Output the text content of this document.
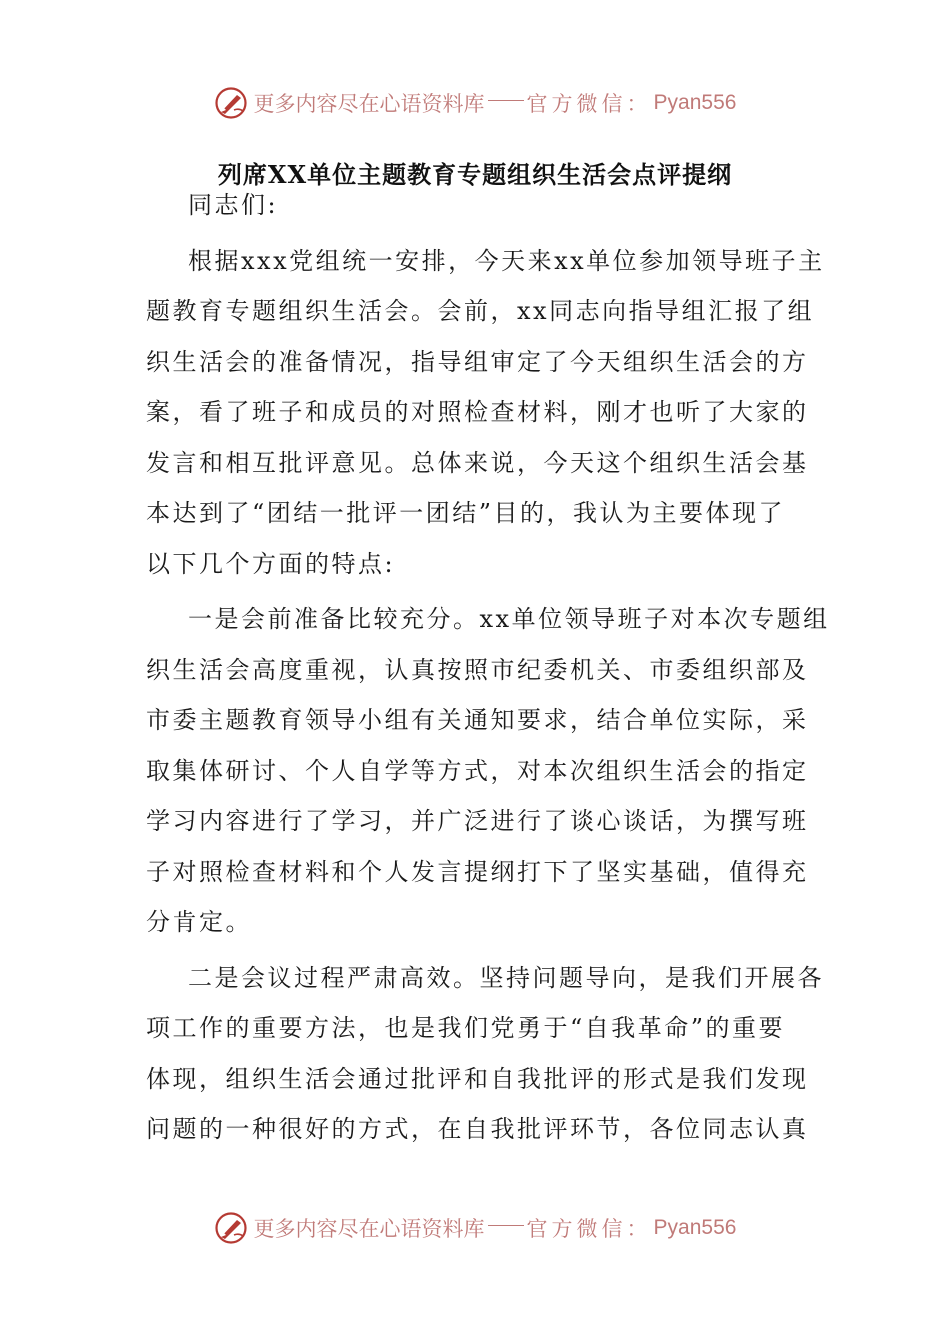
更多内容尽在心语资料库 官方微信： Pyan556
列席XX单位主题教育专题组织生活会点评提纲

同志们:

根据xxx党组统一安排，今天来xx单位参加领导班子主
题教育专题组织生活会。会前，xx同志向指导组汇报了组
织生活会的准备情况，指导组审定了今天组织生活会的方
案，看了班子和成员的对照检查材料，刚才也听了大家的
发言和相互批评意见。总体来说，今天这个组织生活会基
本达到了“团结一批评一团结”目的，我认为主要体现了
以下几个方面的特点:

一是会前准备比较充分。xx单位领导班子对本次专题组
织生活会高度重视，认真按照市纪委机关、市委组织部及
市委主题教育领导小组有关通知要求，结合单位实际，采
取集体研讨、个人自学等方式，对本次组织生活会的指定
学习内容进行了学习，并广泛进行了谈心谈话，为撰写班
子对照检查材料和个人发言提纲打下了坚实基础，值得充
分肯定。

二是会议过程严肃高效。坚持问题导向，是我们开展各
项工作的重要方法，也是我们党勇于“自我革命”的重要
体现，组织生活会通过批评和自我批评的形式是我们发现
问题的一种很好的方式，在自我批评环节，各位同志认真

更多内容尽在心语资料库 官方微信： Pyan556
